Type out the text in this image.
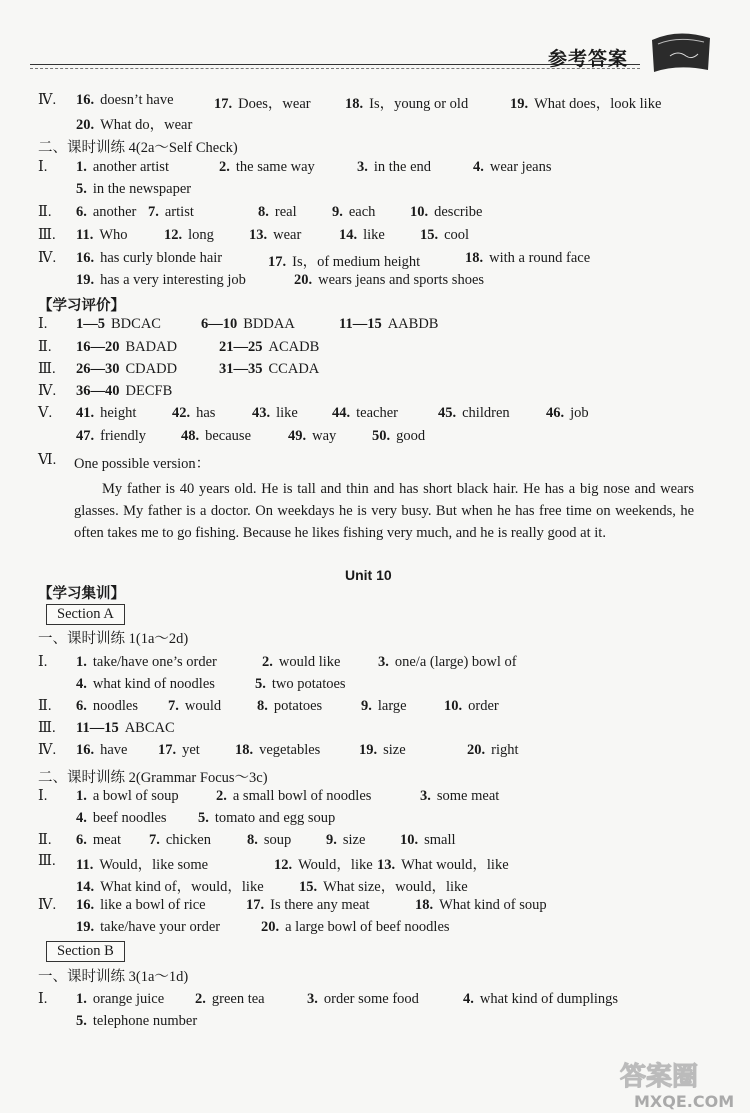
参考答案
Ⅳ. 16. doesn’t have	17. Does，wear 18. Is，young or old	19. What does，look like
20. What do，wear
二、课时训练 4(2a～Self Check)
Ⅰ. 1. another artist	2. the same way	3. in the end	4. wear jeans
5. in the newspaper
Ⅱ. 6. another 7. artist	8. real 9. each 10. describe
Ⅲ. 11. Who	12. long 13. wear	14. like 15. cool
Ⅳ. 16. has curly blonde hair	17. Is，of medium height	18. with a round face
19. has a very interesting job	20. wears jeans and sports shoes
【学习评价】
Ⅰ. 1—5 BDCAC	6—10 BDDAA	11—15 AABDB
Ⅱ. 16—20 BADAD	21—25 ACADB
Ⅲ. 26—30 CDADD	31—35 CCADA
Ⅳ. 36—40 DECFB
Ⅴ. 41. height 42. has	43. like 44. teacher	45. children	46. job
47. friendly 48. because	49. way 50. good
Ⅵ. One possible version：

My father is 40 years old. He is tall and thin and has short black hair. He has a big nose and wears glasses. My father is a doctor. On weekdays he is very busy. But when he has free time on weekends, he often takes me to go fishing. Because he likes fishing very much, and he is really good at it.

Unit 10
【学习集训】
Section A
一、课时训练 1(1a～2d)
Ⅰ. 1. take/have one’s order	2. would like	3. one/a (large) bowl of
4. what kind of noodles	5. two potatoes
Ⅱ. 6. noodles 7. would 8. potatoes	9. large	10. order
Ⅲ. 11—15 ABCAC
Ⅳ. 16. have 17. yet 18. vegetables	19. size	20. right
二、课时训练 2(Grammar Focus～3c)
Ⅰ. 1. a bowl of soup	2. a small bowl of noodles	3. some meat
4. beef noodles 5. tomato and egg soup
Ⅱ. 6. meat 7. chicken 8. soup 9. size 10. small
Ⅲ. 11. Would，like some	12. Would，like 13. What would，like
14. What kind of，would，like 15. What size，would，like
Ⅳ. 16. like a bowl of rice	17. Is there any meat	18. What kind of soup
19. take/have your order	20. a large bowl of beef noodles
Section B
一、课时训练 3(1a～1d)
Ⅰ. 1. orange juice 2. green tea	3. order some food	4. what kind of dumplings
5. telephone number
答案圈
MXQE.COM
